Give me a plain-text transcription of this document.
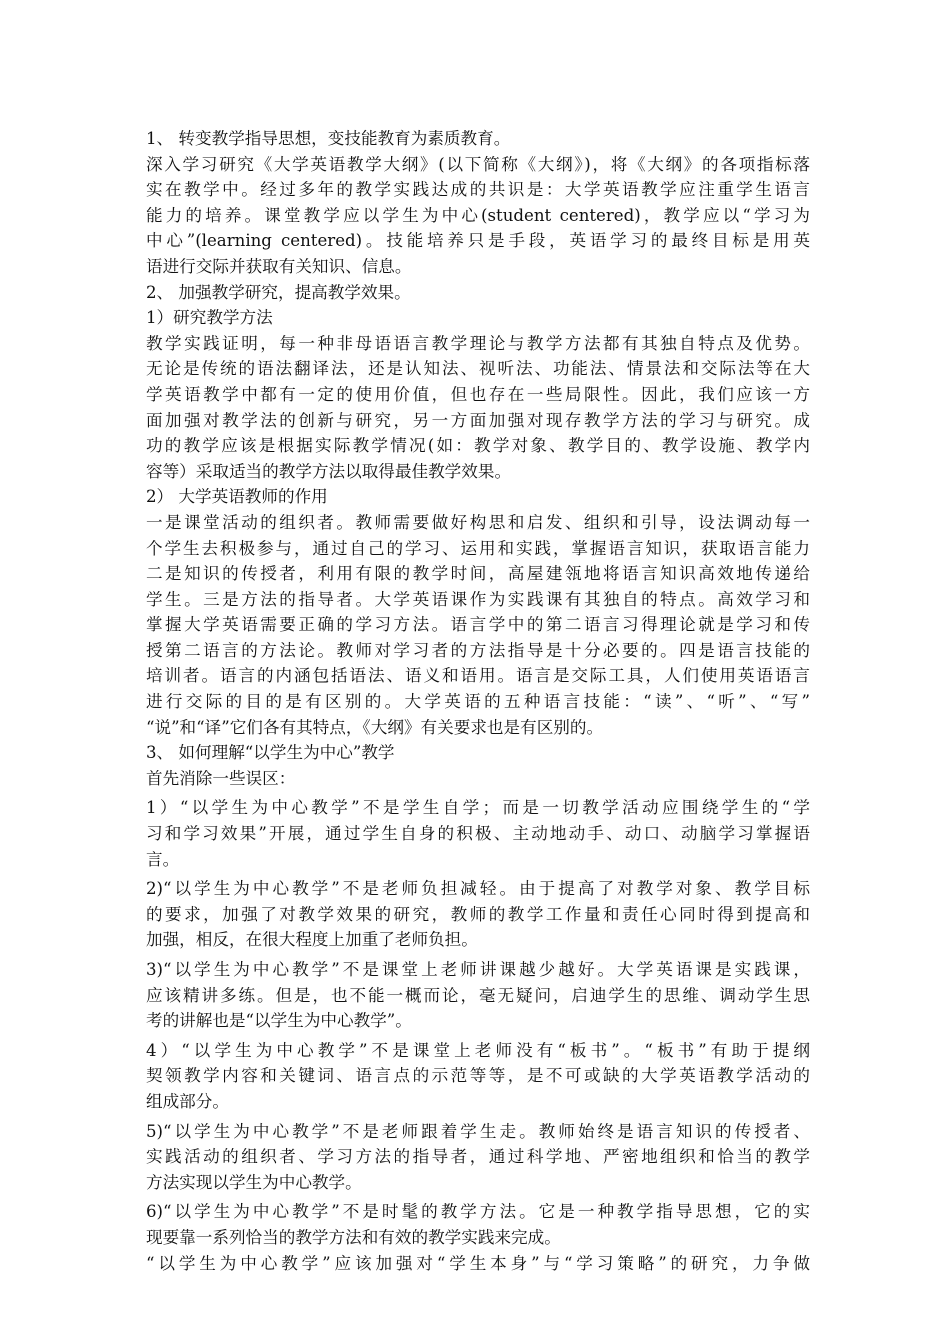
1、 转变教学指导思想，变技能教育为素质教育。
深入学习研究《大学英语教学大纲》(以下简称《大纲》)，将《大纲》的各项指标落
实在教学中。经过多年的教学实践达成的共识是：大学英语教学应注重学生语言
能力的培养。课堂教学应以学生为中心(student centered)，教学应以“学习为
中心”(learning centered)。技能培养只是手段，英语学习的最终目标是用英
语进行交际并获取有关知识、信息。
2、 加强教学研究，提高教学效果。
1）研究教学方法
教学实践证明，每一种非母语语言教学理论与教学方法都有其独自特点及优势。
无论是传统的语法翻译法，还是认知法、视听法、功能法、情景法和交际法等在大
学英语教学中都有一定的使用价值，但也存在一些局限性。因此，我们应该一方
面加强对教学法的创新与研究，另一方面加强对现存教学方法的学习与研究。成
功的教学应该是根据实际教学情况(如：教学对象、教学目的、教学设施、教学内
容等）采取适当的教学方法以取得最佳教学效果。
2） 大学英语教师的作用
一是课堂活动的组织者。教师需要做好构思和启发、组织和引导，设法调动每一
个学生去积极参与，通过自己的学习、运用和实践，掌握语言知识，获取语言能力
二是知识的传授者，利用有限的教学时间，高屋建瓴地将语言知识高效地传递给
学生。三是方法的指导者。大学英语课作为实践课有其独自的特点。高效学习和
掌握大学英语需要正确的学习方法。语言学中的第二语言习得理论就是学习和传
授第二语言的方法论。教师对学习者的方法指导是十分必要的。四是语言技能的
培训者。语言的内涵包括语法、语义和语用。语言是交际工具，人们使用英语语言
进行交际的目的是有区别的。大学英语的五种语言技能：“读”、“听”、“写”
“说”和“译”它们各有其特点，《大纲》有关要求也是有区别的。
3、 如何理解“以学生为中心”教学
首先消除一些误区：
1）“以学生为中心教学”不是学生自学；而是一切教学活动应围绕学生的“学
习和学习效果”开展，通过学生自身的积极、主动地动手、动口、动脑学习掌握语
言。
2)“以学生为中心教学”不是老师负担减轻。由于提高了对教学对象、教学目标
的要求，加强了对教学效果的研究，教师的教学工作量和责任心同时得到提高和
加强，相反，在很大程度上加重了老师负担。
3)“以学生为中心教学”不是课堂上老师讲课越少越好。大学英语课是实践课，
应该精讲多练。但是，也不能一概而论，毫无疑问，启迪学生的思维、调动学生思
考的讲解也是“以学生为中心教学”。
4）“以学生为中心教学”不是课堂上老师没有“板书”。“板书”有助于提纲
契领教学内容和关键词、语言点的示范等等，是不可或缺的大学英语教学活动的
组成部分。
5)“以学生为中心教学”不是老师跟着学生走。教师始终是语言知识的传授者、
实践活动的组织者、学习方法的指导者，通过科学地、严密地组织和恰当的教学
方法实现以学生为中心教学。
6)“以学生为中心教学”不是时髦的教学方法。它是一种教学指导思想，它的实
现要靠一系列恰当的教学方法和有效的教学实践来完成。
“以学生为中心教学”应该加强对“学生本身”与“学习策略”的研究，力争做
